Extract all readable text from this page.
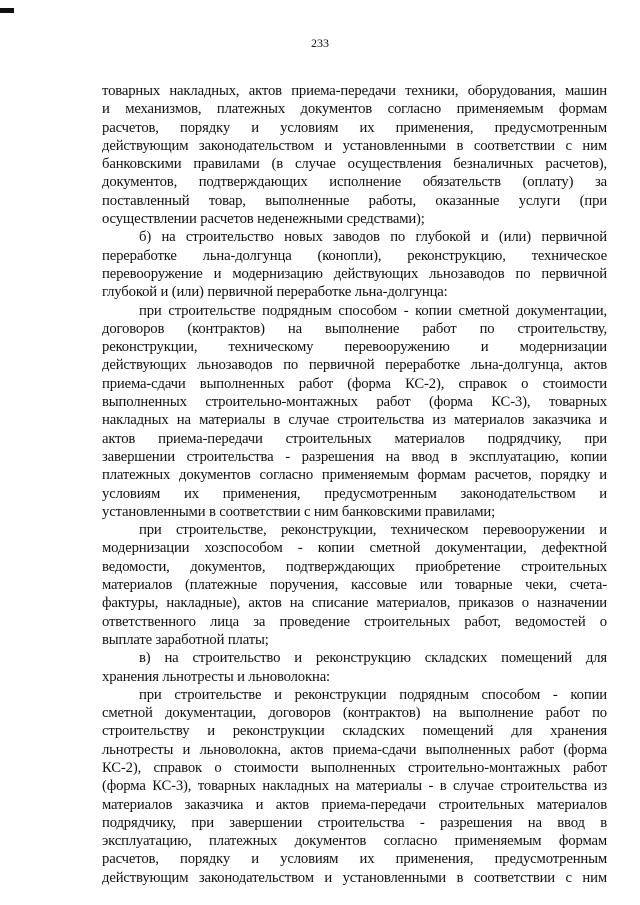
233
товарных накладных, актов приема-передачи техники, оборудования, машин
и механизмов, платежных документов согласно применяемым формам
расчетов, порядку и условиям их применения, предусмотренным
действующим законодательством и установленными в соответствии с ним
банковскими правилами (в случае осуществления безналичных расчетов),
документов, подтверждающих исполнение обязательств (оплату) за
поставленный товар, выполненные работы, оказанные услуги (при
осуществлении расчетов неденежными средствами);
б) на строительство новых заводов по глубокой и (или) первичной
переработке льна-долгунца (конопли), реконструкцию, техническое
перевооружение и модернизацию действующих льнозаводов по первичной
глубокой и (или) первичной переработке льна-долгунца:
при строительстве подрядным способом - копии сметной документации,
договоров (контрактов) на выполнение работ по строительству,
реконструкции, техническому перевооружению и модернизации
действующих льнозаводов по первичной переработке льна-долгунца, актов
приема-сдачи выполненных работ (форма КС-2), справок о стоимости
выполненных строительно-монтажных работ (форма КС-3), товарных
накладных на материалы в случае строительства из материалов заказчика и
актов приема-передачи строительных материалов подрядчику, при
завершении строительства - разрешения на ввод в эксплуатацию, копии
платежных документов согласно применяемым формам расчетов, порядку и
условиям их применения, предусмотренным законодательством и
установленными в соответствии с ним банковскими правилами;
при строительстве, реконструкции, техническом перевооружении и
модернизации хозспособом - копии сметной документации, дефектной
ведомости, документов, подтверждающих приобретение строительных
материалов (платежные поручения, кассовые или товарные чеки, счета-
фактуры, накладные), актов на списание материалов, приказов о назначении
ответственного лица за проведение строительных работ, ведомостей о
выплате заработной платы;
в) на строительство и реконструкцию складских помещений для
хранения льнотресты и льноволокна:
при строительстве и реконструкции подрядным способом - копии
сметной документации, договоров (контрактов) на выполнение работ по
строительству и реконструкции складских помещений для хранения
льнотресты и льноволокна, актов приема-сдачи выполненных работ (форма
КС-2), справок о стоимости выполненных строительно-монтажных работ
(форма КС-3), товарных накладных на материалы - в случае строительства из
материалов заказчика и актов приема-передачи строительных материалов
подрядчику, при завершении строительства - разрешения на ввод в
эксплуатацию, платежных документов согласно применяемым формам
расчетов, порядку и условиям их применения, предусмотренным
действующим законодательством и установленными в соответствии с ним
